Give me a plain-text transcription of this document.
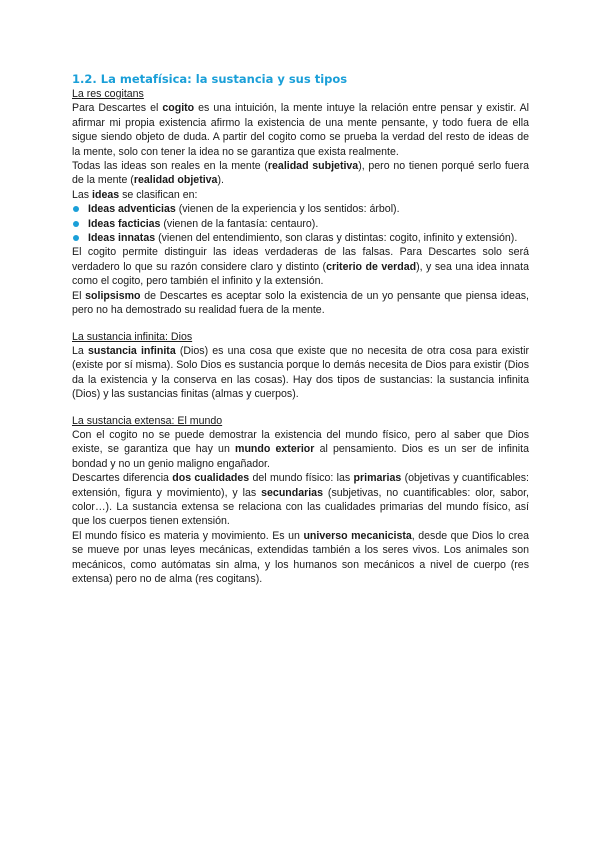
1.2. La metafísica: la sustancia y sus tipos
La res cogitans

Para Descartes el cogito es una intuición, la mente intuye la relación entre pensar y existir. Al afirmar mi propia existencia afirmo la existencia de una mente pensante, y todo fuera de ella sigue siendo objeto de duda. A partir del cogito como se prueba la verdad del resto de ideas de la mente, solo con tener la idea no se garantiza que exista realmente.

Todas las ideas son reales en la mente (realidad subjetiva), pero no tienen porqué serlo fuera de la mente (realidad objetiva).

Las ideas se clasifican en:

Ideas adventicias (vienen de la experiencia y los sentidos: árbol).
Ideas facticias (vienen de la fantasía: centauro).
Ideas innatas (vienen del entendimiento, son claras y distintas: cogito, infinito y extensión).

El cogito permite distinguir las ideas verdaderas de las falsas. Para Descartes solo será verdadero lo que su razón considere claro y distinto (criterio de verdad), y sea una idea innata como el cogito, pero también el infinito y la extensión.

El solipsismo de Descartes es aceptar solo la existencia de un yo pensante que piensa ideas, pero no ha demostrado su realidad fuera de la mente.

La sustancia infinita: Dios

La sustancia infinita (Dios) es una cosa que existe que no necesita de otra cosa para existir (existe por sí misma). Solo Dios es sustancia porque lo demás necesita de Dios para existir (Dios da la existencia y la conserva en las cosas). Hay dos tipos de sustancias: la sustancia infinita (Dios) y las sustancias finitas (almas y cuerpos).

La sustancia extensa: El mundo

Con el cogito no se puede demostrar la existencia del mundo físico, pero al saber que Dios existe, se garantiza que hay un mundo exterior al pensamiento. Dios es un ser de infinita bondad y no un genio maligno engañador.

Descartes diferencia dos cualidades del mundo físico: las primarias (objetivas y cuantificables: extensión, figura y movimiento), y las secundarias (subjetivas, no cuantificables: olor, sabor, color…). La sustancia extensa se relaciona con las cualidades primarias del mundo físico, así que los cuerpos tienen extensión.

El mundo físico es materia y movimiento. Es un universo mecanicista, desde que Dios lo crea se mueve por unas leyes mecánicas, extendidas también a los seres vivos. Los animales son mecánicos, como autómatas sin alma, y los humanos son mecánicos a nivel de cuerpo (res extensa) pero no de alma (res cogitans).
